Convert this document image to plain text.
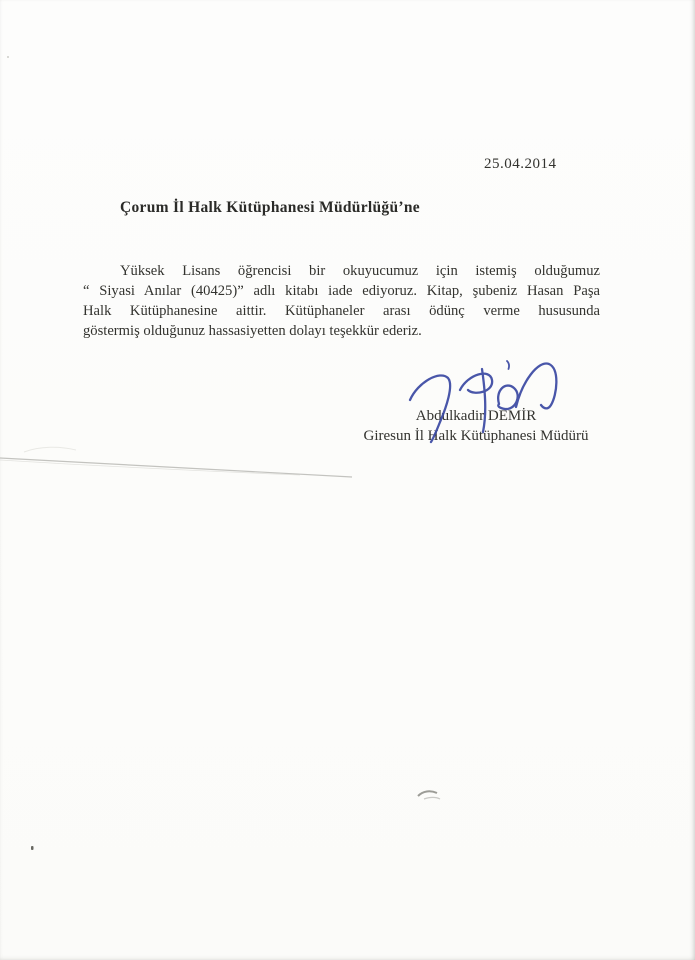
25.04.2014
Çorum İl Halk Kütüphanesi Müdürlüğü’ne
Yüksek Lisans öğrencisi bir okuyucumuz için istemiş olduğumuz
“ Siyasi Anılar (40425)” adlı kitabı iade ediyoruz. Kitap, şubeniz Hasan Paşa
Halk Kütüphanesine aittir. Kütüphaneler arası ödünç verme hususunda
göstermiş olduğunuz hassasiyetten dolayı teşekkür ederiz.
Abdulkadir DEMİR
Giresun İl Halk Kütüphanesi Müdürü
